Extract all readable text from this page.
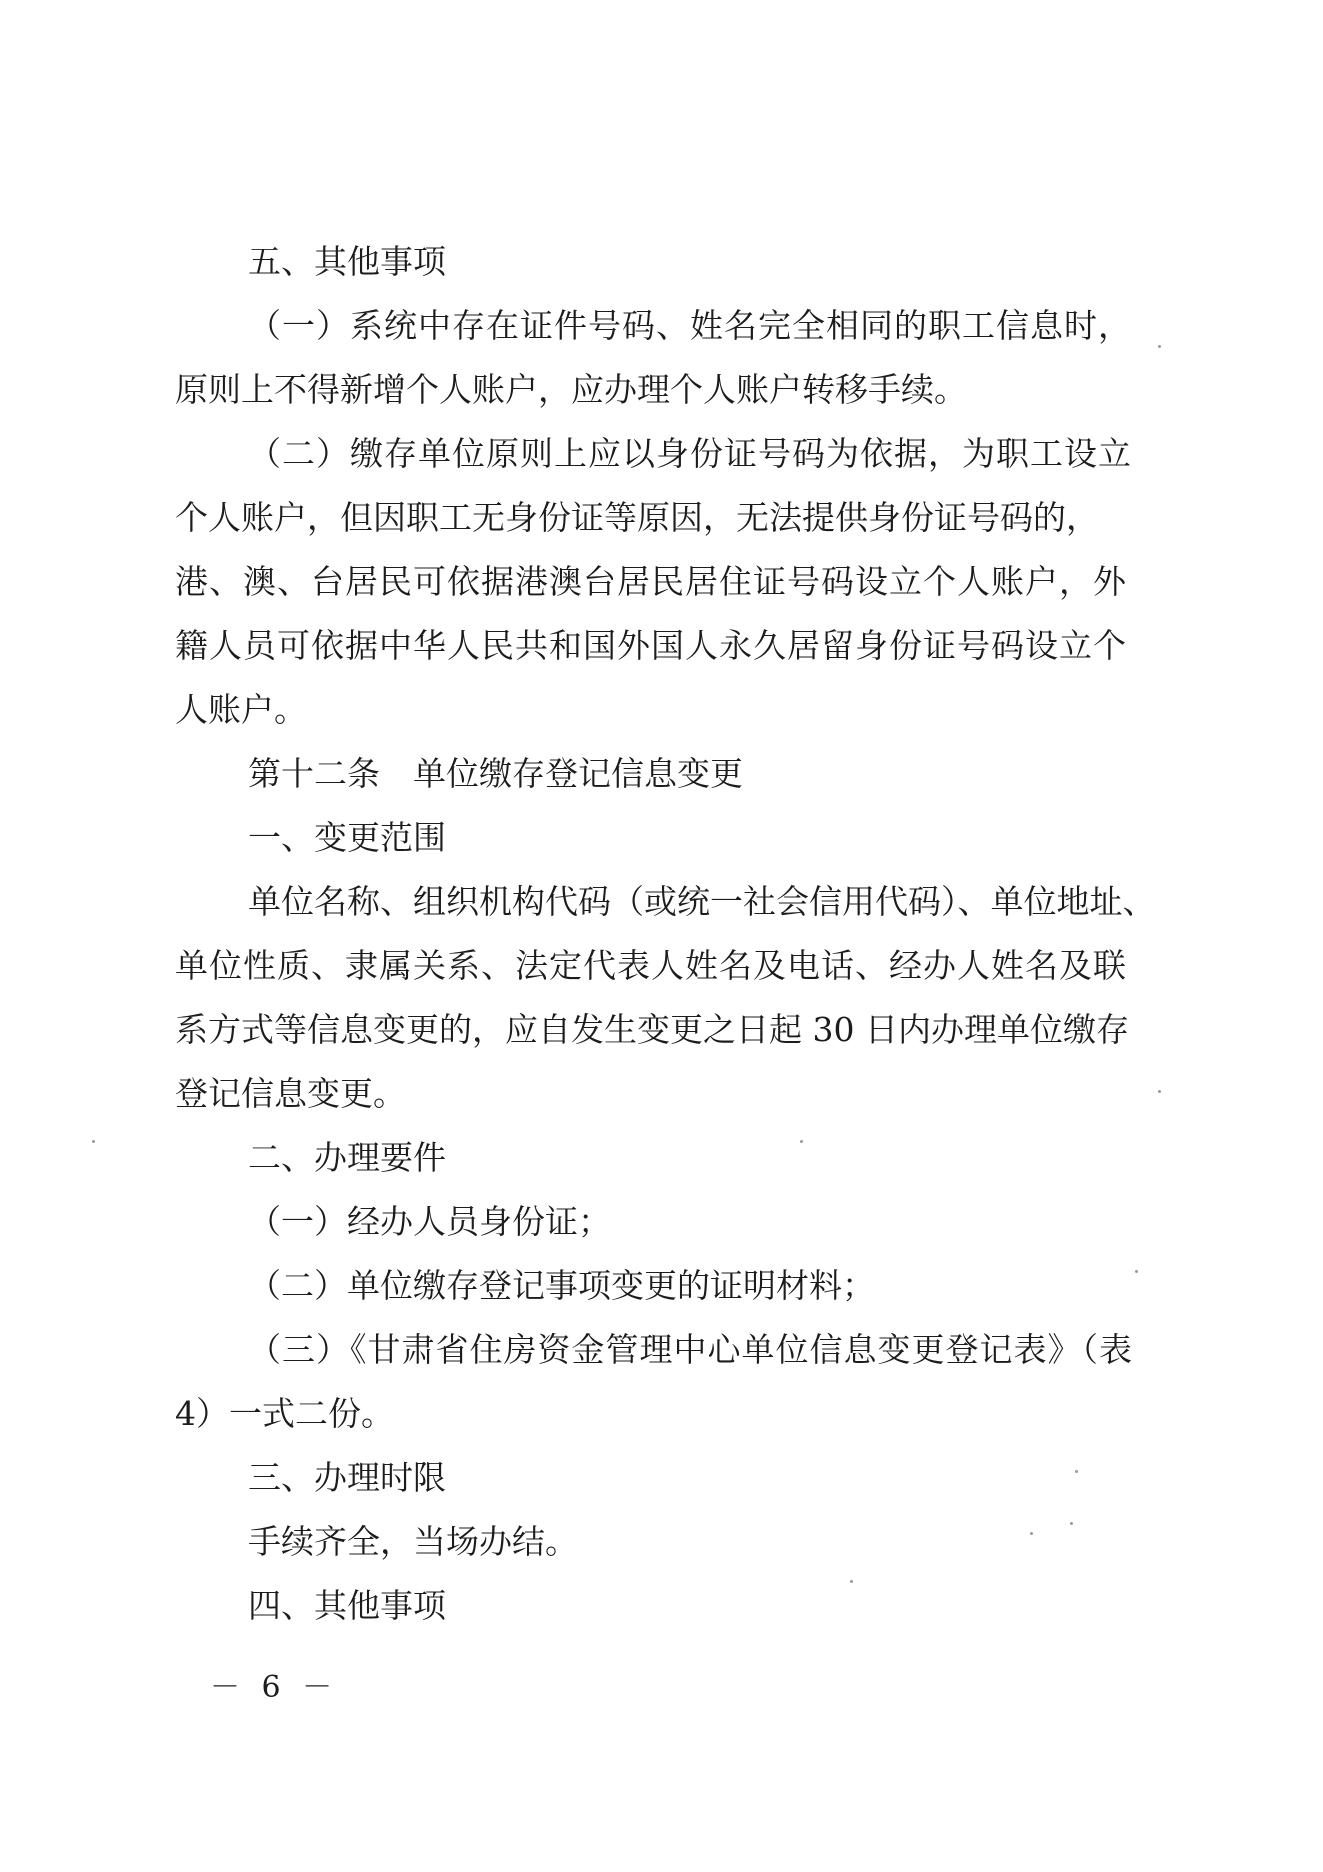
五、其他事项
（一）系统中存在证件号码、姓名完全相同的职工信息时，
原则上不得新增个人账户，应办理个人账户转移手续。
（二）缴存单位原则上应以身份证号码为依据，为职工设立
个人账户，但因职工无身份证等原因，无法提供身份证号码的，
港、澳、台居民可依据港澳台居民居住证号码设立个人账户，外
籍人员可依据中华人民共和国外国人永久居留身份证号码设立个
人账户。
第十二条　单位缴存登记信息变更
一、变更范围
单位名称、组织机构代码（或统一社会信用代码）、单位地址、
单位性质、隶属关系、法定代表人姓名及电话、经办人姓名及联
系方式等信息变更的，应自发生变更之日起 30 日内办理单位缴存
登记信息变更。
二、办理要件
（一）经办人员身份证；
（二）单位缴存登记事项变更的证明材料；
（三）《甘肃省住房资金管理中心单位信息变更登记表》（表
4）一式二份。
三、办理时限
手续齐全，当场办结。
四、其他事项
－ 6 －
